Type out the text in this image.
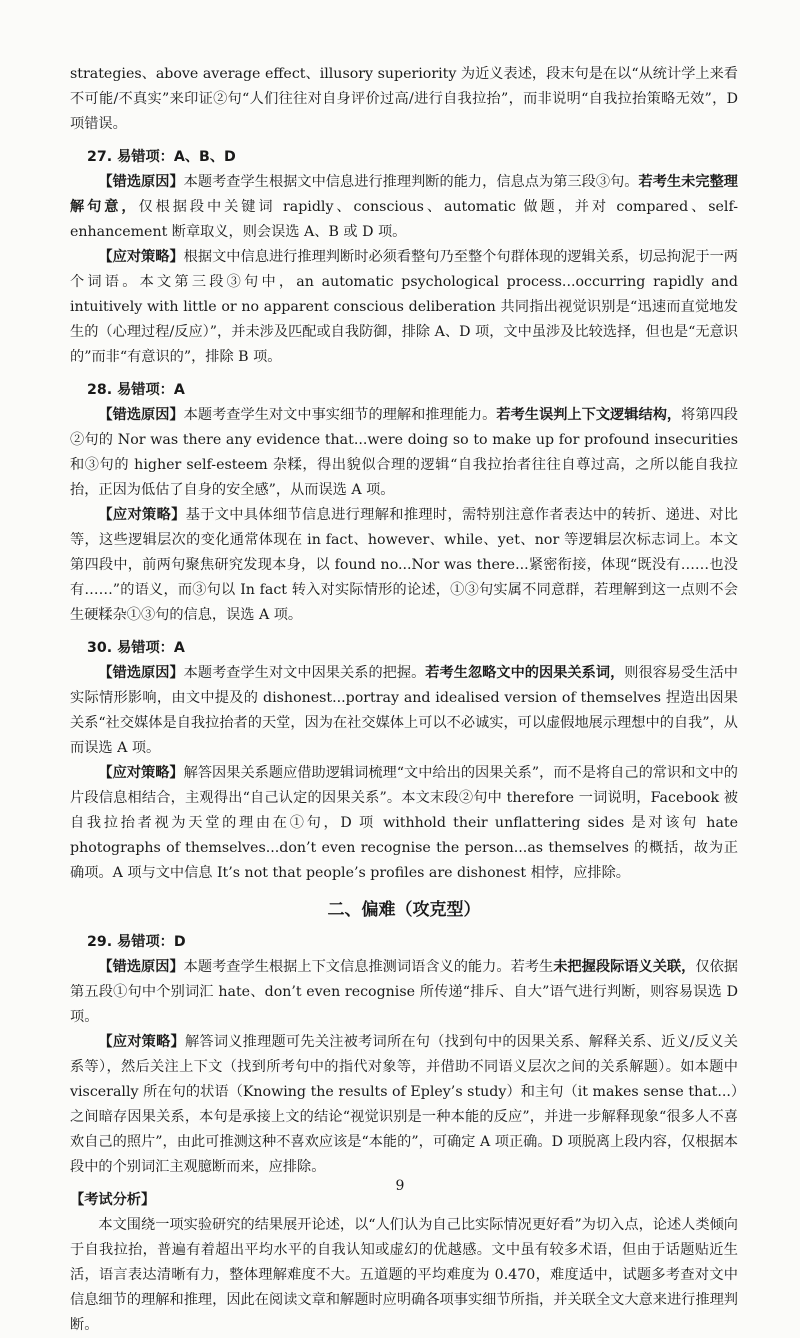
strategies、above average effect、illusory superiority 为近义表述，段末句是在以“从统计学上来看不可能/不真实”来印证②句“人们往往对自身评价过高/进行自我拉抬”，而非说明“自我拉抬策略无效”，D 项错误。

27. 易错项：A、B、D

【错选原因】本题考查学生根据文中信息进行推理判断的能力，信息点为第三段③句。若考生未完整理解句意，仅根据段中关键词 rapidly、conscious、automatic 做题，并对 compared、self-enhancement 断章取义，则会误选 A、B 或 D 项。

【应对策略】根据文中信息进行推理判断时必须看整句乃至整个句群体现的逻辑关系，切忌拘泥于一两个词语。本文第三段③句中，an automatic psychological process...occurring rapidly and intuitively with little or no apparent conscious deliberation 共同指出视觉识别是“迅速而直觉地发生的（心理过程/反应）”，并未涉及匹配或自我防御，排除 A、D 项，文中虽涉及比较选择，但也是“无意识的”而非“有意识的”，排除 B 项。

28. 易错项：A

【错选原因】本题考查学生对文中事实细节的理解和推理能力。若考生误判上下文逻辑结构，将第四段②句的 Nor was there any evidence that...were doing so to make up for profound insecurities 和③句的 higher self-esteem 杂糅，得出貌似合理的逻辑“自我拉抬者往往自尊过高，之所以能自我拉抬，正因为低估了自身的安全感”，从而误选 A 项。

【应对策略】基于文中具体细节信息进行理解和推理时，需特别注意作者表达中的转折、递进、对比等，这些逻辑层次的变化通常体现在 in fact、however、while、yet、nor 等逻辑层次标志词上。本文第四段中，前两句聚焦研究发现本身，以 found no...Nor was there...紧密衔接，体现“既没有……也没有……”的语义，而③句以 In fact 转入对实际情形的论述，①③句实属不同意群，若理解到这一点则不会生硬糅杂①③句的信息，误选 A 项。

30. 易错项：A

【错选原因】本题考查学生对文中因果关系的把握。若考生忽略文中的因果关系词，则很容易受生活中实际情形影响，由文中提及的 dishonest...portray and idealised version of themselves 捏造出因果关系“社交媒体是自我拉抬者的天堂，因为在社交媒体上可以不必诚实，可以虚假地展示理想中的自我”，从而误选 A 项。

【应对策略】解答因果关系题应借助逻辑词梳理“文中给出的因果关系”，而不是将自己的常识和文中的片段信息相结合，主观得出“自己认定的因果关系”。本文末段②句中 therefore 一词说明，Facebook 被自我拉抬者视为天堂的理由在①句，D 项 withhold their unflattering sides 是对该句 hate photographs of themselves...don’t even recognise the person...as themselves 的概括，故为正确项。A 项与文中信息 It’s not that people’s profiles are dishonest 相悖，应排除。

二、偏难（攻克型）

29. 易错项：D

【错选原因】本题考查学生根据上下文信息推测词语含义的能力。若考生未把握段际语义关联，仅依据第五段①句中个别词汇 hate、don’t even recognise 所传递“排斥、自大”语气进行判断，则容易误选 D 项。

【应对策略】解答词义推理题可先关注被考词所在句（找到句中的因果关系、解释关系、近义/反义关系等），然后关注上下文（找到所考句中的指代对象等，并借助不同语义层次之间的关系解题）。如本题中 viscerally 所在句的状语（Knowing the results of Epley’s study）和主句（it makes sense that...）之间暗存因果关系，本句是承接上文的结论“视觉识别是一种本能的反应”，并进一步解释现象“很多人不喜欢自己的照片”，由此可推测这种不喜欢应该是“本能的”，可确定 A 项正确。D 项脱离上段内容，仅根据本段中的个别词汇主观臆断而来，应排除。

【考试分析】

本文围绕一项实验研究的结果展开论述，以“人们认为自己比实际情况更好看”为切入点，论述人类倾向于自我拉抬，普遍有着超出平均水平的自我认知或虚幻的优越感。文中虽有较多术语，但由于话题贴近生活，语言表达清晰有力，整体理解难度不大。五道题的平均难度为 0.470，难度适中，试题多考查对文中信息细节的理解和推理，因此在阅读文章和解题时应明确各项事实细节所指，并关联全文大意来进行推理判断。

9
